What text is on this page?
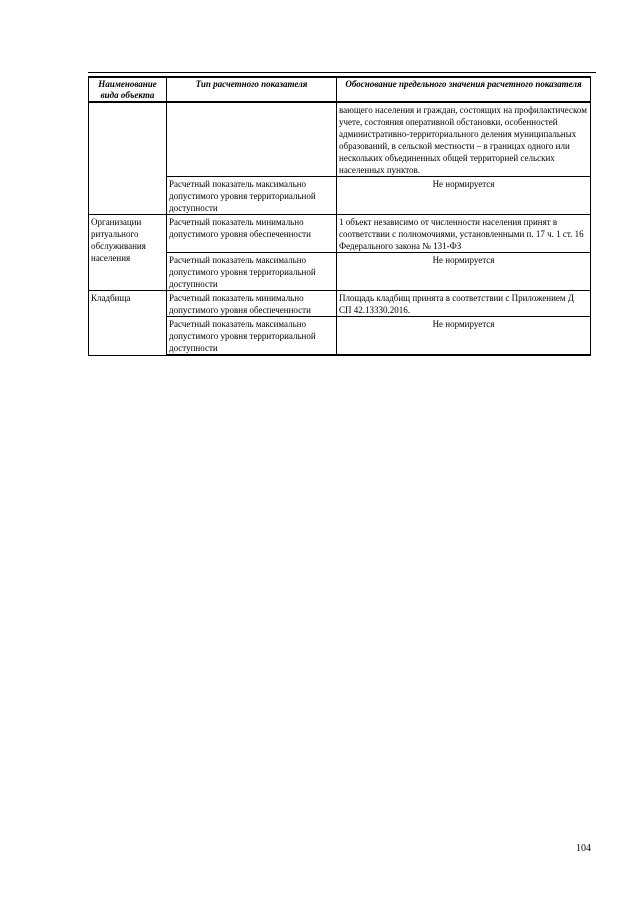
Наименование вида объекта	Тип расчетного показателя	Обоснование предельного значения расчетного показателя
		вающего населения и граждан, состоящих на профилактическом учете, состояния оперативной обстановки, особенностей административно-территориального деления муниципальных образований, в сельской местности – в границах одного или нескольких объединенных общей территорией сельских населенных пунктов.
	Расчетный показатель максимально допустимого уровня территориальной доступности	Не нормируется
Организации ритуального обслуживания населения	Расчетный показатель минимально допустимого уровня обеспеченности	1 объект независимо от численности населения принят в соответствии с полномочиями, установленными п. 17 ч. 1 ст. 16 Федерального закона № 131-ФЗ
	Расчетный показатель максимально допустимого уровня территориальной доступности	Не нормируется
Кладбища	Расчетный показатель минимально допустимого уровня обеспеченности	Площадь кладбищ принята в соответствии с Приложением Д СП 42.13330.2016.
	Расчетный показатель максимально допустимого уровня территориальной доступности	Не нормируется
104
